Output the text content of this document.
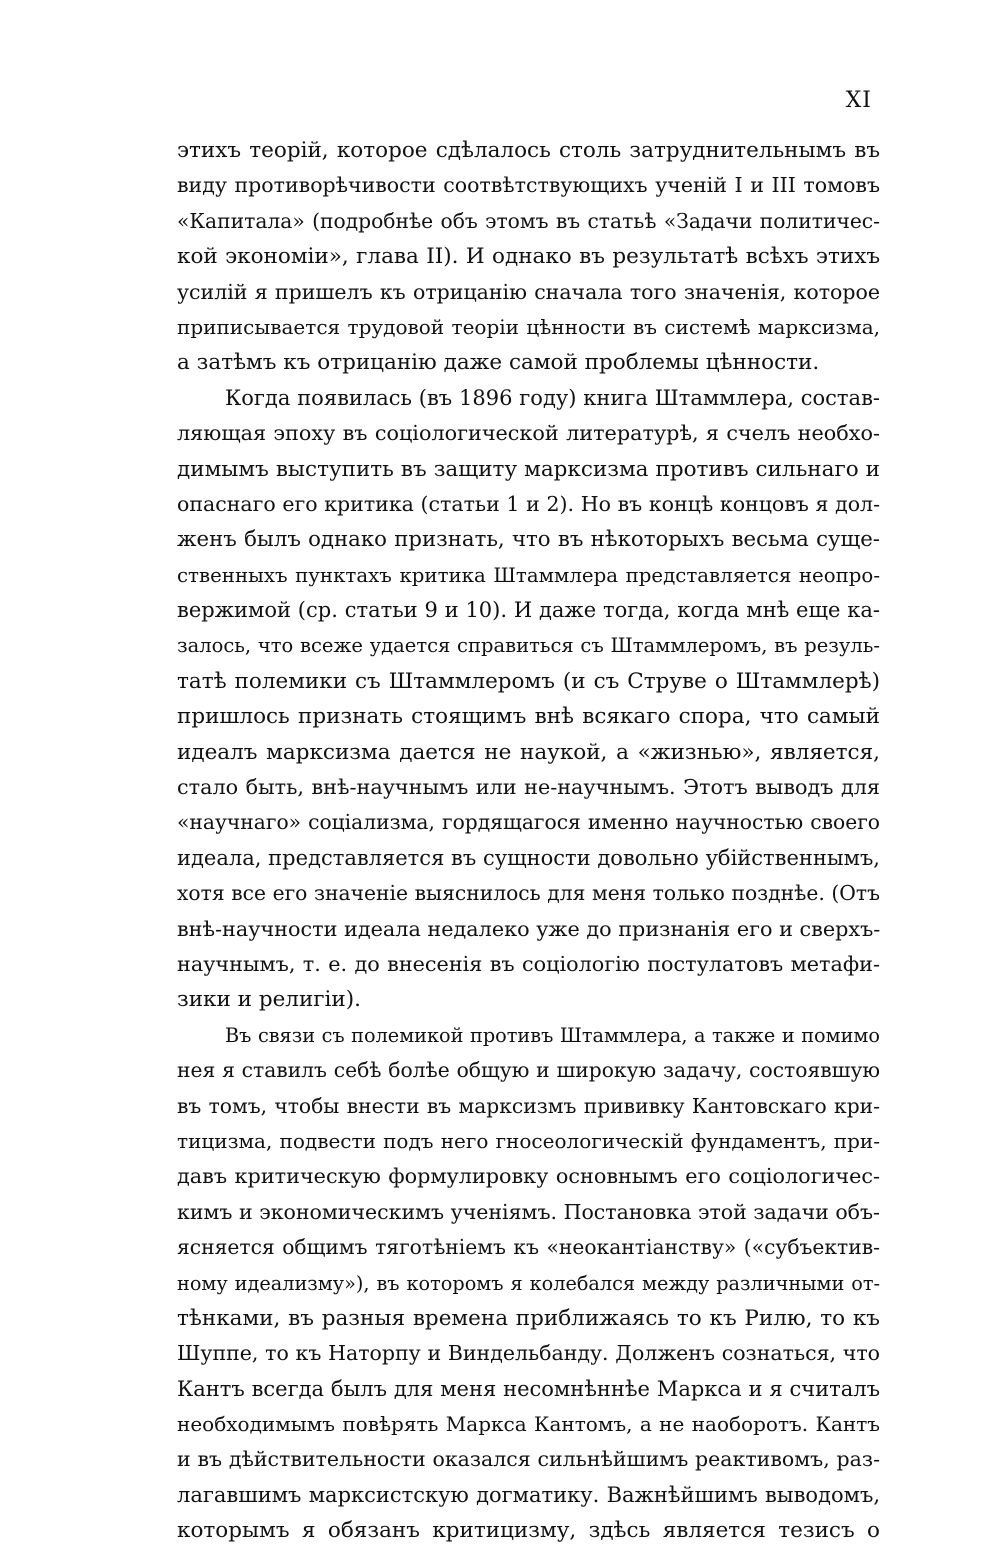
XI
этихъ теорій, которое сдѣлалось столь затруднительнымъ въ
виду противорѣчивости соотвѣтствующихъ ученій I и III томовъ
«Капитала» (подробнѣе объ этомъ въ статьѣ «Задачи политичес-
кой экономіи», глава II). И однако въ результатѣ всѣхъ этихъ
усилій я пришелъ къ отрицанію сначала того значенія, которое
приписывается трудовой теоріи цѣнности въ системѣ марксизма,
а затѣмъ къ отрицанію даже самой проблемы цѣнности.
Когда появилась (въ 1896 году) книга Штаммлера, состав-
ляющая эпоху въ соціологической литературѣ, я счелъ необхо-
димымъ выступить въ защиту марксизма противъ сильнаго и
опаснаго его критика (статьи 1 и 2). Но въ концѣ концовъ я дол-
женъ былъ однако признать, что въ нѣкоторыхъ весьма суще-
ственныхъ пунктахъ критика Штаммлера представляется неопро-
вержимой (ср. статьи 9 и 10). И даже тогда, когда мнѣ еще ка-
залось, что всеже удается справиться съ Штаммлеромъ, въ резуль-
татѣ полемики съ Штаммлеромъ (и съ Струве о Штаммлерѣ)
пришлось признать стоящимъ внѣ всякаго спора, что самый
идеалъ марксизма дается не наукой, а «жизнью», является,
стало быть, внѣ-научнымъ или не-научнымъ. Этотъ выводъ для
«научнаго» соціализма, гордящагося именно научностью своего
идеала, представляется въ сущности довольно убійственнымъ,
хотя все его значеніе выяснилось для меня только позднѣе. (Отъ
внѣ-научности идеала недалеко уже до признанія его и сверхъ-
научнымъ, т. е. до внесенія въ соціологію постулатовъ метафи-
зики и религіи).
Въ связи съ полемикой противъ Штаммлера, а также и помимо
нея я ставилъ себѣ болѣе общую и широкую задачу, состоявшую
въ томъ, чтобы внести въ марксизмъ прививку Кантовскаго кри-
тицизма, подвести подъ него гносеологическій фундаментъ, при-
давъ критическую формулировку основнымъ его соціологичес-
кимъ и экономическимъ ученіямъ. Постановка этой задачи объ-
ясняется общимъ тяготѣніемъ къ «неокантіанству» («субъектив-
ному идеализму»), въ которомъ я колебался между различными от-
тѣнками, въ разныя времена приближаясь то къ Рилю, то къ
Шуппе, то къ Наторпу и Виндельбанду. Долженъ сознаться, что
Кантъ всегда былъ для меня несомнѣннѣе Маркса и я считалъ
необходимымъ повѣрять Маркса Кантомъ, а не наоборотъ. Кантъ
и въ дѣйствительности оказался сильнѣйшимъ реактивомъ, раз-
лагавшимъ марксистскую догматику. Важнѣйшимъ выводомъ,
которымъ я обязанъ критицизму, здѣсь является тезисъ о
